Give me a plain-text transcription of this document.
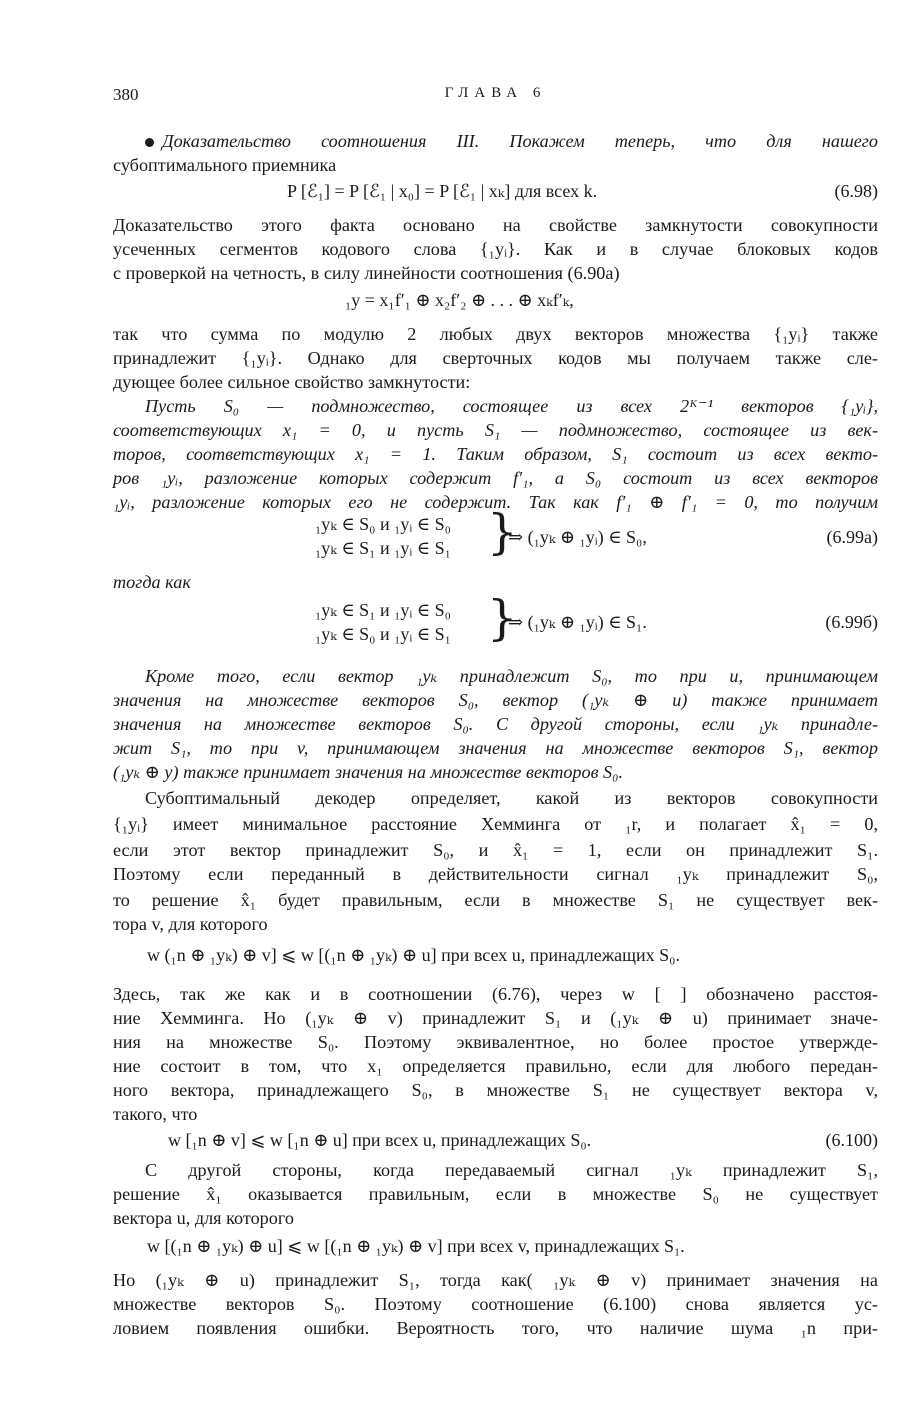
380	ГЛАВА 6
Доказательство соотношения III. Покажем теперь, что для нашего
субоптимального приемника
P [ℰ₁] = P [ℰ₁ | x₀] = P [ℰ₁ | xₖ] для всех k.	(6.98)
Доказательство этого факта основано на свойстве замкнутости совокупности
усеченных сегментов кодового слова {₁yᵢ}. Как и в случае блоковых кодов
с проверкой на четность, в силу линейности соотношения (6.90а)
₁y = x₁f′₁ ⊕ x₂f′₂ ⊕ . . . ⊕ xₖf′ₖ,
так что сумма по модулю 2 любых двух векторов множества {₁yᵢ} также
принадлежит {₁yᵢ}. Однако для сверточных кодов мы получаем также сле-
дующее более сильное свойство замкнутости:
Пусть S₀ — подмножество, состоящее из всех 2ᴷ⁻¹ векторов {₁yᵢ},
соответствующих x₁ = 0, и пусть S₁ — подмножество, состоящее из век-
торов, соответствующих x₁ = 1. Таким образом, S₁ состоит из всех векто-
ров ₁yᵢ, разложение которых содержит f′₁, а S₀ состоит из всех векторов
₁yᵢ, разложение которых его не содержит. Так как f′₁ ⊕ f′₁ = 0, то получим
₁yₖ ∈ S₀ и ₁yᵢ ∈ S₀
₁yₖ ∈ S₁ и ₁yᵢ ∈ S₁ }
⇒ (₁yₖ ⊕ ₁yᵢ) ∈ S₀,	(6.99а)
тогда как
₁yₖ ∈ S₁ и ₁yᵢ ∈ S₀
₁yₖ ∈ S₀ и ₁yᵢ ∈ S₁ }
⇒ (₁yₖ ⊕ ₁yᵢ) ∈ S₁.	(6.99б)
Кроме того, если вектор ₁yₖ принадлежит S₀, то при u, принимающем
значения на множестве векторов S₀, вектор (₁yₖ ⊕ u) также принимает
значения на множестве векторов S₀. С другой стороны, если ₁yₖ принадле-
жит S₁, то при v, принимающем значения на множестве векторов S₁, вектор
(₁yₖ ⊕ y) также принимает значения на множестве векторов S₀.
Субоптимальный декодер определяет, какой из векторов совокупности
{₁yᵢ} имеет минимальное расстояние Хемминга от ₁r, и полагает x̂₁ = 0,
если этот вектор принадлежит S₀, и x̂₁ = 1, если он принадлежит S₁.
Поэтому если переданный в действительности сигнал ₁yₖ принадлежит S₀,
то решение x̂₁ будет правильным, если в множестве S₁ не существует век-
тора v, для которого
w (₁n ⊕ ₁yₖ) ⊕ v] ⩽ w [(₁n ⊕ ₁yₖ) ⊕ u] при всех u, принадлежащих S₀.
Здесь, так же как и в соотношении (6.76), через w [ ] обозначено расстоя-
ние Хемминга. Но (₁yₖ ⊕ v) принадлежит S₁ и (₁yₖ ⊕ u) принимает значе-
ния на множестве S₀. Поэтому эквивалентное, но более простое утвержде-
ние состоит в том, что x₁ определяется правильно, если для любого передан-
ного вектора, принадлежащего S₀, в множестве S₁ не существует вектора v,
такого, что
w [₁n ⊕ v] ⩽ w [₁n ⊕ u] при всех u, принадлежащих S₀.	(6.100)
С другой стороны, когда передаваемый сигнал ₁yₖ принадлежит S₁,
решение x̂₁ оказывается правильным, если в множестве S₀ не существует
вектора u, для которого
w [(₁n ⊕ ₁yₖ) ⊕ u] ⩽ w [(₁n ⊕ ₁yₖ) ⊕ v] при всех v, принадлежащих S₁.
Но (₁yₖ ⊕ u) принадлежит S₁, тогда как( ₁yₖ ⊕ v) принимает значения на
множестве векторов S₀. Поэтому соотношение (6.100) снова является ус-
ловием появления ошибки. Вероятность того, что наличие шума ₁n при-
